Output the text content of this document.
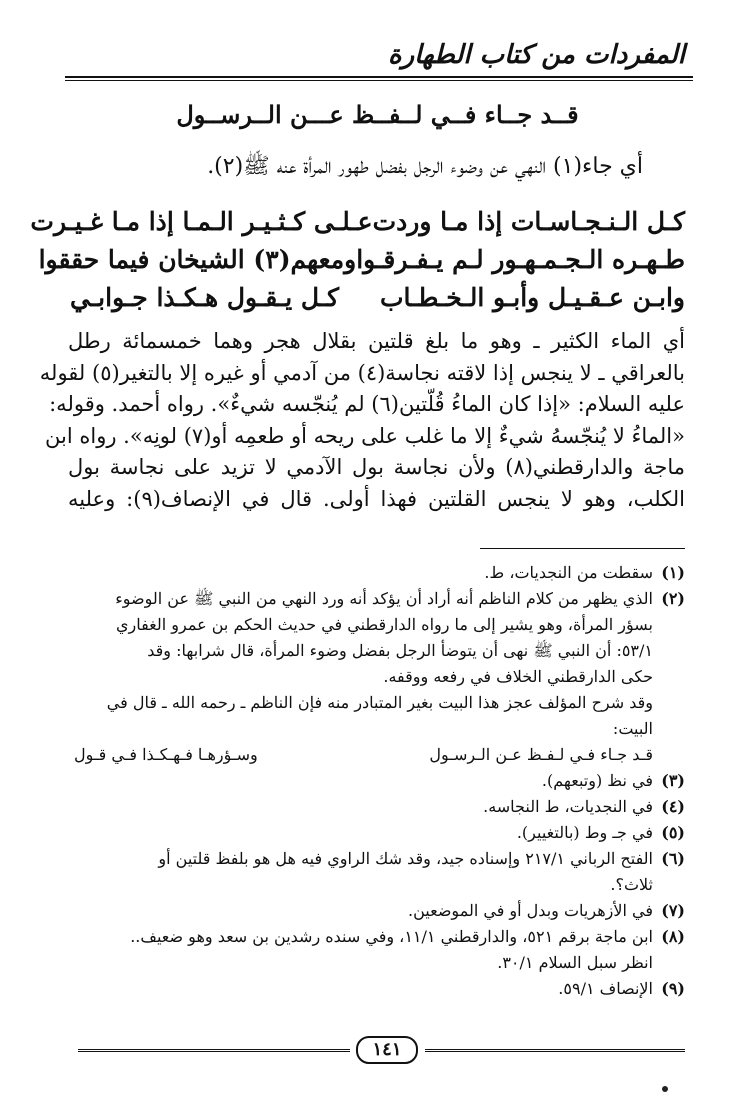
المفردات من كتاب الطهارة
قــد جــاء فــي لــفــظ عـــن الــرســول
أي جاء(١) النهي عن وضوء الرجل بفضل طهور المرأة عنه ﷺ(٢).
كـل الـنـجـاسـات إذا مـا وردت
عـلـى كـثـيـر الـمـا إذا مـا غـيـرت
طـهـره الـجـمـهـور لـم يـفـرقـوا
ومعهم(٣) الشيخان فيما حققوا
وابـن عـقـيـل وأبـو الـخـطـاب
كـل يـقـول هـكـذا جـوابـي
أي الماء الكثير ـ وهو ما بلغ قلتين بقلال هجر وهما خمسمائة رطل
بالعراقي ـ لا ينجس إذا لاقته نجاسة(٤) من آدمي أو غيره إلا بالتغير(٥) لقوله
عليه السلام: «إذا كان الماءُ قُلّتين(٦) لم يُنجّسه شيءٌ». رواه أحمد. وقوله:
«الماءُ لا يُنجّسهُ شيءٌ إلا ما غلب على ريحه أو طعمِه أو(٧) لونِه». رواه ابن
ماجة والدارقطني(٨) ولأن نجاسة بول الآدمي لا تزيد على نجاسة بول
الكلب، وهو لا ينجس القلتين فهذا أولى. قال في الإنصاف(٩): وعليه
(١)
سقطت من النجديات، ط.
(٢)
الذي يظهر من كلام الناظم أنه أراد أن يؤكد أنه ورد النهي من النبي ﷺ عن الوضوء
بسؤر المرأة، وهو يشير إلى ما رواه الدارقطني في حديث الحكم بن عمرو الغفاري
٥٣/١: أن النبي ﷺ نهى أن يتوضأ الرجل بفضل وضوء المرأة، قال شرابها: وقد
حكى الدارقطني الخلاف في رفعه ووقفه.
وقد شرح المؤلف عجز هذا البيت بغير المتبادر منه فإن الناظم ـ رحمه الله ـ قال في
البيت:
قـد جـاء فـي لـفـظ عـن الـرسـول
وسـؤرهـا فـهـكـذا فـي قـول
(٣)
في نظ (وتبعهم).
(٤)
في النجديات، ط النجاسه.
(٥)
في جـ وط (بالتغيير).
(٦)
الفتح الرباني ٢١٧/١ وإسناده جيد، وقد شك الراوي فيه هل هو بلفظ قلتين أو
ثلاث؟.
(٧)
في الأزهريات وبدل أو في الموضعين.
(٨)
ابن ماجة برقم ٥٢١، والدارقطني ١١/١، وفي سنده رشدين بن سعد وهو ضعيف..
انظر سبل السلام ٣٠/١.
(٩)
الإنصاف ٥٩/١.
١٤١
